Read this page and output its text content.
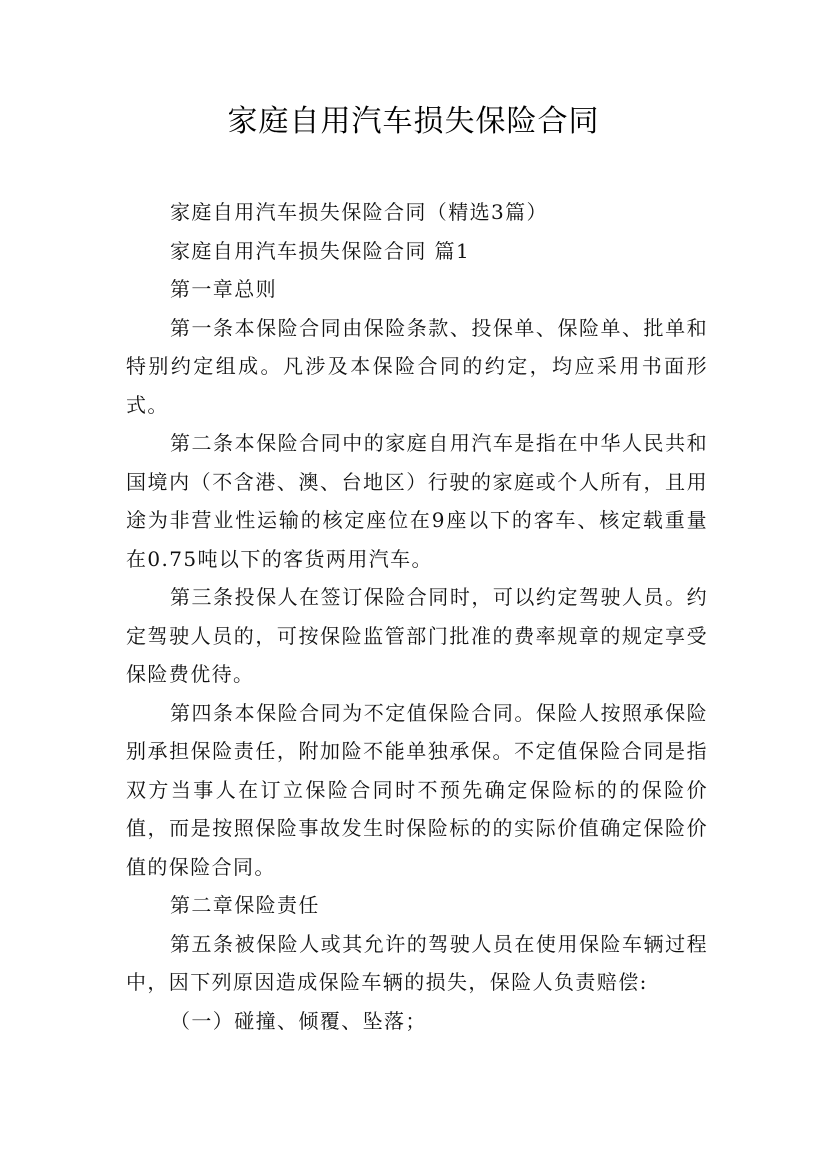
家庭自用汽车损失保险合同

家庭自用汽车损失保险合同（精选3篇）

家庭自用汽车损失保险合同 篇1

第一章总则

第一条本保险合同由保险条款、投保单、保险单、批单和特别约定组成。凡涉及本保险合同的约定，均应采用书面形式。

第二条本保险合同中的家庭自用汽车是指在中华人民共和国境内（不含港、澳、台地区）行驶的家庭或个人所有，且用途为非营业性运输的核定座位在9座以下的客车、核定载重量在0.75吨以下的客货两用汽车。

第三条投保人在签订保险合同时，可以约定驾驶人员。约定驾驶人员的，可按保险监管部门批准的费率规章的规定享受保险费优待。

第四条本保险合同为不定值保险合同。保险人按照承保险别承担保险责任，附加险不能单独承保。不定值保险合同是指双方当事人在订立保险合同时不预先确定保险标的的保险价值，而是按照保险事故发生时保险标的的实际价值确定保险价值的保险合同。

第二章保险责任

第五条被保险人或其允许的驾驶人员在使用保险车辆过程中，因下列原因造成保险车辆的损失，保险人负责赔偿:

（一）碰撞、倾覆、坠落；
